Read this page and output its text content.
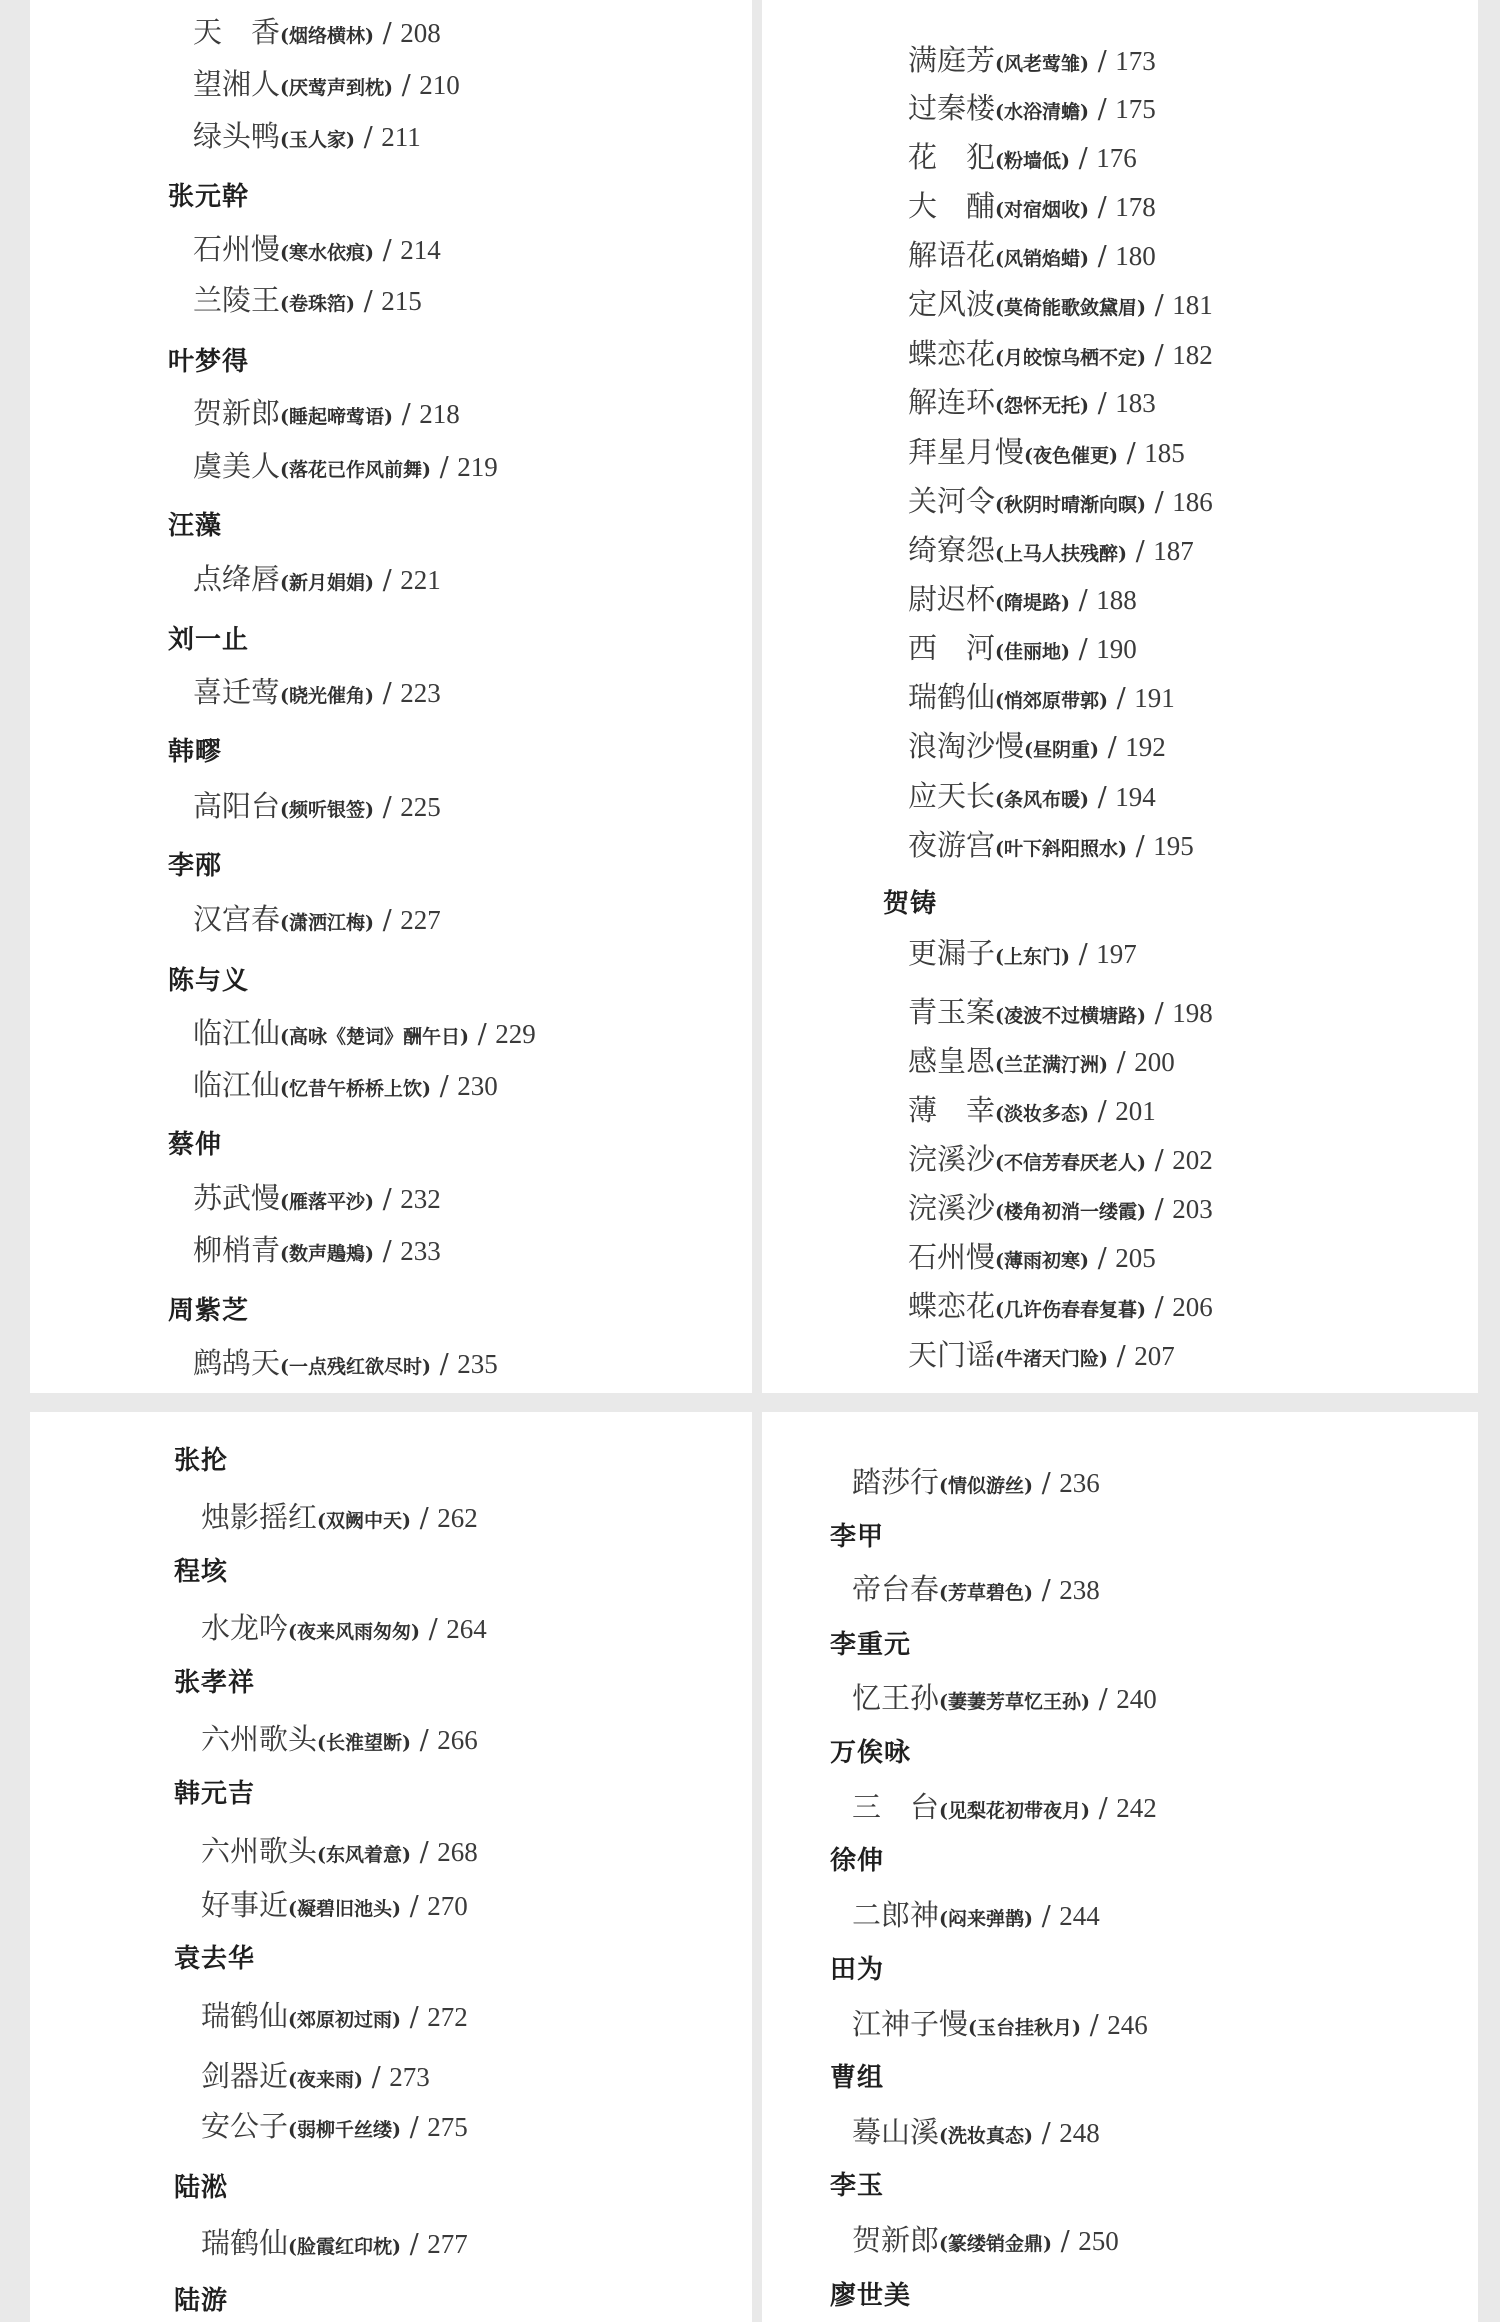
天　香(烟络横林) / 208
望湘人(厌莺声到枕) / 210
绿头鸭(玉人家) / 211
张元幹
石州慢(寒水依痕) / 214
兰陵王(卷珠箔) / 215
叶梦得
贺新郎(睡起啼莺语) / 218
虞美人(落花已作风前舞) / 219
汪藻
点绛唇(新月娟娟) / 221
刘一止
喜迁莺(晓光催角) / 223
韩疁
高阳台(频听银签) / 225
李邴
汉宫春(潇洒江梅) / 227
陈与义
临江仙(高咏《楚词》酬午日) / 229
临江仙(忆昔午桥桥上饮) / 230
蔡伸
苏武慢(雁落平沙) / 232
柳梢青(数声鶗鴂) / 233
周紫芝
鹧鸪天(一点残红欲尽时) / 235
满庭芳(风老莺雏) / 173
过秦楼(水浴清蟾) / 175
花　犯(粉墙低) / 176
大　酺(对宿烟收) / 178
解语花(风销焰蜡) / 180
定风波(莫倚能歌敛黛眉) / 181
蝶恋花(月皎惊乌栖不定) / 182
解连环(怨怀无托) / 183
拜星月慢(夜色催更) / 185
关河令(秋阴时晴渐向暝) / 186
绮寮怨(上马人扶残醉) / 187
尉迟杯(隋堤路) / 188
西　河(佳丽地) / 190
瑞鹤仙(悄郊原带郭) / 191
浪淘沙慢(昼阴重) / 192
应天长(条风布暖) / 194
夜游宫(叶下斜阳照水) / 195
贺铸
更漏子(上东门) / 197
青玉案(凌波不过横塘路) / 198
感皇恩(兰芷满汀洲) / 200
薄　幸(淡妆多态) / 201
浣溪沙(不信芳春厌老人) / 202
浣溪沙(楼角初消一缕霞) / 203
石州慢(薄雨初寒) / 205
蝶恋花(几许伤春春复暮) / 206
天门谣(牛渚天门险) / 207
张抡
烛影摇红(双阙中天) / 262
程垓
水龙吟(夜来风雨匆匆) / 264
张孝祥
六州歌头(长淮望断) / 266
韩元吉
六州歌头(东风着意) / 268
好事近(凝碧旧池头) / 270
袁去华
瑞鹤仙(郊原初过雨) / 272
剑器近(夜来雨) / 273
安公子(弱柳千丝缕) / 275
陆淞
瑞鹤仙(脸霞红印枕) / 277
陆游
踏莎行(情似游丝) / 236
李甲
帝台春(芳草碧色) / 238
李重元
忆王孙(萋萋芳草忆王孙) / 240
万俟咏
三　台(见梨花初带夜月) / 242
徐伸
二郎神(闷来弹鹊) / 244
田为
江神子慢(玉台挂秋月) / 246
曹组
蓦山溪(洗妆真态) / 248
李玉
贺新郎(篆缕销金鼎) / 250
廖世美
